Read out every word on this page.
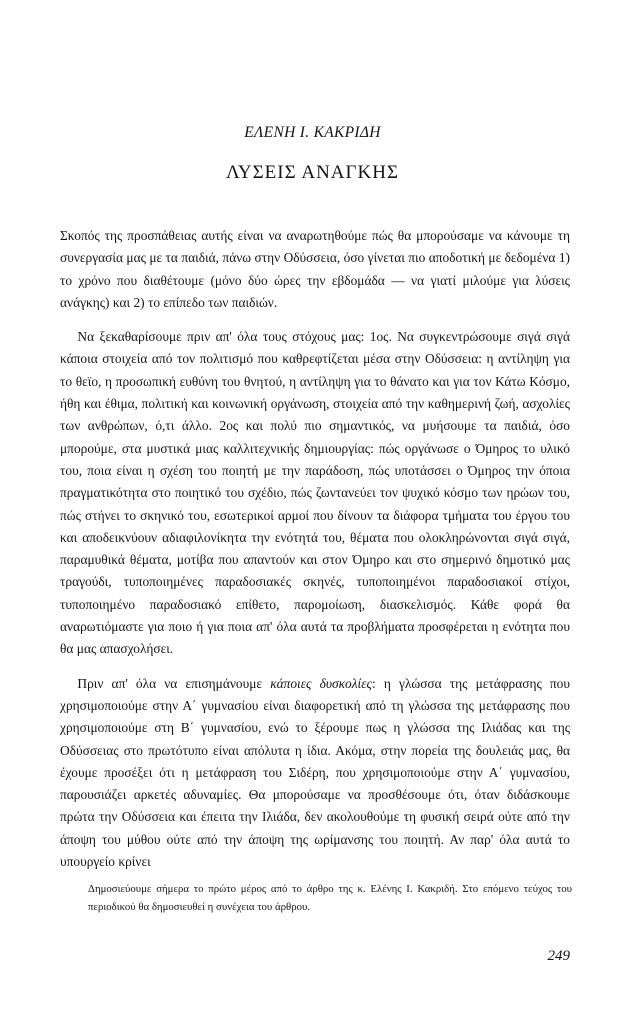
ΕΛΕΝΗ Ι. ΚΑΚΡΙΔΗ
ΛΥΣΕΙΣ ΑΝΑΓΚΗΣ

Σκοπός της προσπάθειας αυτής είναι να αναρωτηθούμε πώς θα μπορούσαμε να κάνουμε τη συνεργασία μας με τα παιδιά, πάνω στην Οδύσσεια, όσο γίνεται πιο αποδοτική με δεδομένα 1) το χρόνο που διαθέτουμε (μόνο δύο ώρες την εβδομάδα — να γιατί μιλούμε για λύσεις ανάγκης) και 2) το επίπεδο των παιδιών.

Να ξεκαθαρίσουμε πριν απ' όλα τους στόχους μας: 1ος. Να συγκεντρώσουμε σιγά σιγά κάποια στοιχεία από τον πολιτισμό που καθρεφτίζεται μέσα στην Οδύσσεια: η αντίληψη για το θεϊο, η προσωπική ευθύνη του θνητού, η αντίληψη για το θάνατο και για τον Κάτω Κόσμο, ήθη και έθιμα, πολιτική και κοινωνική οργάνωση, στοιχεία από την καθημερινή ζωή, ασχολίες των ανθρώπων, ό,τι άλλο. 2ος και πολύ πιο σημαντικός, να μυήσουμε τα παιδιά, όσο μπορούμε, στα μυστικά μιας καλλιτεχνικής δημιουργίας: πώς οργάνωσε ο Όμηρος το υλικό του, ποια είναι η σχέση του ποιητή με την παράδοση, πώς υποτάσσει ο Όμηρος την όποια πραγματικότητα στο ποιητικό του σχέδιο, πώς ζωντανεύει τον ψυχικό κόσμο των ηρώων του, πώς στήνει το σκηνικό του, εσωτερικοί αρμοί που δίνουν τα διάφορα τμήματα του έργου του και αποδεικνύουν αδιαφιλονίκητα την ενότητά του, θέματα που ολοκληρώνονται σιγά σιγά, παραμυθικά θέματα, μοτίβα που απαντούν και στον Όμηρο και στο σημερινό δημοτικό μας τραγούδι, τυποποιημένες παραδοσιακές σκηνές, τυποποιημένοι παραδοσιακοί στίχοι, τυποποιημένο παραδοσιακό επίθετο, παρομοίωση, διασκελισμός. Κάθε φορά θα αναρωτιόμαστε για ποιο ή για ποια απ' όλα αυτά τα προβλήματα προσφέρεται η ενότητα που θα μας απασχολήσει.

Πριν απ' όλα να επισημάνουμε κάποιες δυσκολίες: η γλώσσα της μετάφρασης που χρησιμοποιούμε στην Α΄ γυμνασίου είναι διαφορετική από τη γλώσσα της μετάφρασης που χρησιμοποιούμε στη Β΄ γυμνασίου, ενώ το ξέρουμε πως η γλώσσα της Ιλιάδας και της Οδύσσειας στο πρωτότυπο είναι απόλυτα η ίδια. Ακόμα, στην πορεία της δουλειάς μας, θα έχουμε προσέξει ότι η μετάφραση του Σιδέρη, που χρησιμοποιούμε στην Α΄ γυμνασίου, παρουσιάζει αρκετές αδυναμίες. Θα μπορούσαμε να προσθέσουμε ότι, όταν διδάσκουμε πρώτα την Οδύσσεια και έπειτα την Ιλιάδα, δεν ακολουθούμε τη φυσική σειρά ούτε από την άποψη του μύθου ούτε από την άποψη της ωρίμανσης του ποιητή. Αν παρ' όλα αυτά το υπουργείο κρίνει

Δημοσιεύουμε σήμερα το πρώτο μέρος από το άρθρο της κ. Ελένης Ι. Κακριδή. Στο επόμενο τεύχος του περιοδικού θα δημοσιευθεί η συνέχεια του άρθρου.
249
